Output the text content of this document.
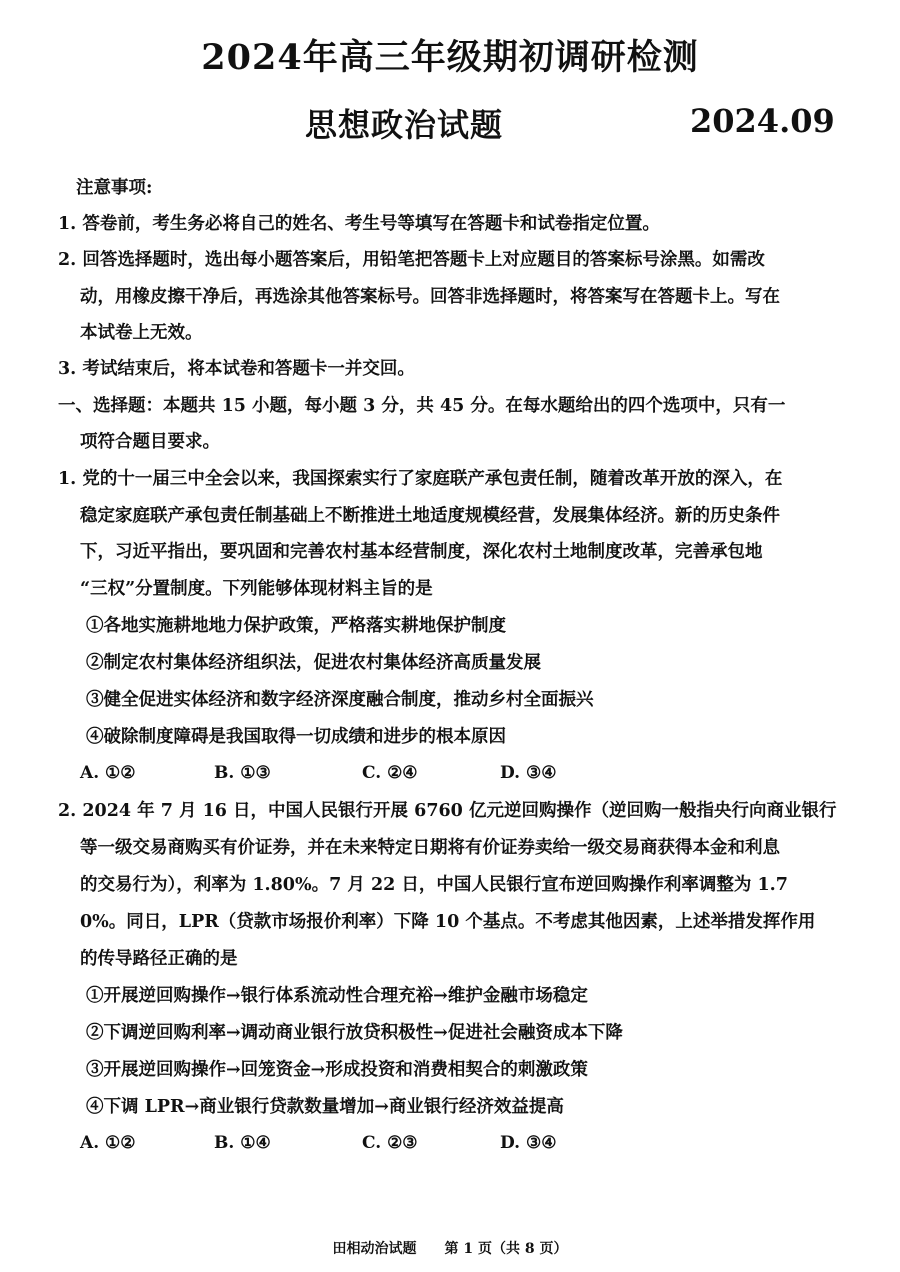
2024年高三年级期初调研检测
思想政治试题	2024.09
注意事项:
1. 答卷前，考生务必将自己的姓名、考生号等填写在答题卡和试卷指定位置。
2. 回答选择题时，选出每小题答案后，用铅笔把答题卡上对应题目的答案标号涂黑。如需改
动，用橡皮擦干净后，再选涂其他答案标号。回答非选择题时，将答案写在答题卡上。写在
本试卷上无效。
3. 考试结束后，将本试卷和答题卡一并交回。
一、选择题：本题共 15 小题，每小题 3 分，共 45 分。在每水题给出的四个选项中，只有一
项符合题目要求。
1. 党的十一届三中全会以来，我国探索实行了家庭联产承包责任制，随着改革开放的深入，在
稳定家庭联产承包责任制基础上不断推进土地适度规模经营，发展集体经济。新的历史条件
下，习近平指出，要巩固和完善农村基本经营制度，深化农村土地制度改革，完善承包地
“三权”分置制度。下列能够体现材料主旨的是
①各地实施耕地地力保护政策，严格落实耕地保护制度
②制定农村集体经济组织法，促进农村集体经济高质量发展
③健全促进实体经济和数字经济深度融合制度，推动乡村全面振兴
④破除制度障碍是我国取得一切成绩和进步的根本原因
A. ①②	B. ①③	C. ②④	D. ③④
2. 2024 年 7 月 16 日，中国人民银行开展 6760 亿元逆回购操作（逆回购一般指央行向商业银行
等一级交易商购买有价证券，并在未来特定日期将有价证券卖给一级交易商获得本金和利息
的交易行为），利率为 1.80%。7 月 22 日，中国人民银行宣布逆回购操作利率调整为 1.7
0%。同日，LPR（贷款市场报价利率）下降 10 个基点。不考虑其他因素，上述举措发挥作用
的传导路径正确的是
①开展逆回购操作→银行体系流动性合理充裕→维护金融市场稳定
②下调逆回购利率→调动商业银行放贷积极性→促进社会融资成本下降
③开展逆回购操作→回笼资金→形成投资和消费相契合的刺激政策
④下调 LPR→商业银行贷款数量增加→商业银行经济效益提高
A. ①②	B. ①④	C. ②③	D. ③④
田相动治试题　　第 1 页（共 8 页）
